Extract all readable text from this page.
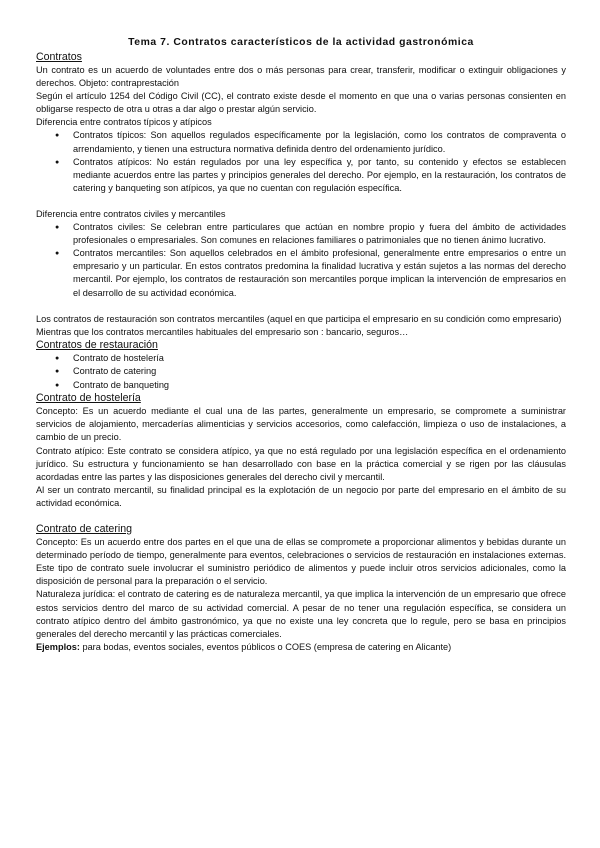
Tema 7. Contratos característicos de la actividad gastronómica
Contratos

Un contrato es un acuerdo de voluntades entre dos o más personas para crear, transferir, modificar o extinguir obligaciones y derechos. Objeto: contraprestación

Según el artículo 1254 del Código Civil (CC), el contrato existe desde el momento en que una o varias personas consienten en obligarse respecto de otra u otras a dar algo o prestar algún servicio.

Diferencia entre contratos típicos y atípicos

● Contratos típicos: Son aquellos regulados específicamente por la legislación, como los contratos de compraventa o arrendamiento, y tienen una estructura normativa definida dentro del ordenamiento jurídico.
● Contratos atípicos: No están regulados por una ley específica y, por tanto, su contenido y efectos se establecen mediante acuerdos entre las partes y principios generales del derecho. Por ejemplo, en la restauración, los contratos de catering y banqueting son atípicos, ya que no cuentan con regulación específica.

Diferencia entre contratos civiles y mercantiles

● Contratos civiles: Se celebran entre particulares que actúan en nombre propio y fuera del ámbito de actividades profesionales o empresariales. Son comunes en relaciones familiares o patrimoniales que no tienen ánimo lucrativo.
● Contratos mercantiles: Son aquellos celebrados en el ámbito profesional, generalmente entre empresarios o entre un empresario y un particular. En estos contratos predomina la finalidad lucrativa y están sujetos a las normas del derecho mercantil. Por ejemplo, los contratos de restauración son mercantiles porque implican la intervención de empresarios en el desarrollo de su actividad económica.

Los contratos de restauración son contratos mercantiles (aquel en que participa el empresario en su condición como empresario)

Mientras que los contratos mercantiles habituales del empresario son : bancario, seguros…

Contratos de restauración
● Contrato de hostelería
● Contrato de catering
● Contrato de banqueting
Contrato de hostelería

Concepto: Es un acuerdo mediante el cual una de las partes, generalmente un empresario, se compromete a suministrar servicios de alojamiento, mercaderías alimenticias y servicios accesorios, como calefacción, limpieza o uso de instalaciones, a cambio de un precio.

Contrato atípico: Este contrato se considera atípico, ya que no está regulado por una legislación específica en el ordenamiento jurídico. Su estructura y funcionamiento se han desarrollado con base en la práctica comercial y se rigen por las cláusulas acordadas entre las partes y las disposiciones generales del derecho civil y mercantil.

Al ser un contrato mercantil, su finalidad principal es la explotación de un negocio por parte del empresario en el ámbito de su actividad económica.

Contrato de catering

Concepto: Es un acuerdo entre dos partes en el que una de ellas se compromete a proporcionar alimentos y bebidas durante un determinado período de tiempo, generalmente para eventos, celebraciones o servicios de restauración en instalaciones externas. Este tipo de contrato suele involucrar el suministro periódico de alimentos y puede incluir otros servicios adicionales, como la disposición de personal para la preparación o el servicio.

Naturaleza jurídica: el contrato de catering es de naturaleza mercantil, ya que implica la intervención de un empresario que ofrece estos servicios dentro del marco de su actividad comercial. A pesar de no tener una regulación específica, se considera un contrato atípico dentro del ámbito gastronómico, ya que no existe una ley concreta que lo regule, pero se basa en principios generales del derecho mercantil y las prácticas comerciales.

Ejemplos: para bodas, eventos sociales, eventos públicos o COES (empresa de catering en Alicante)
